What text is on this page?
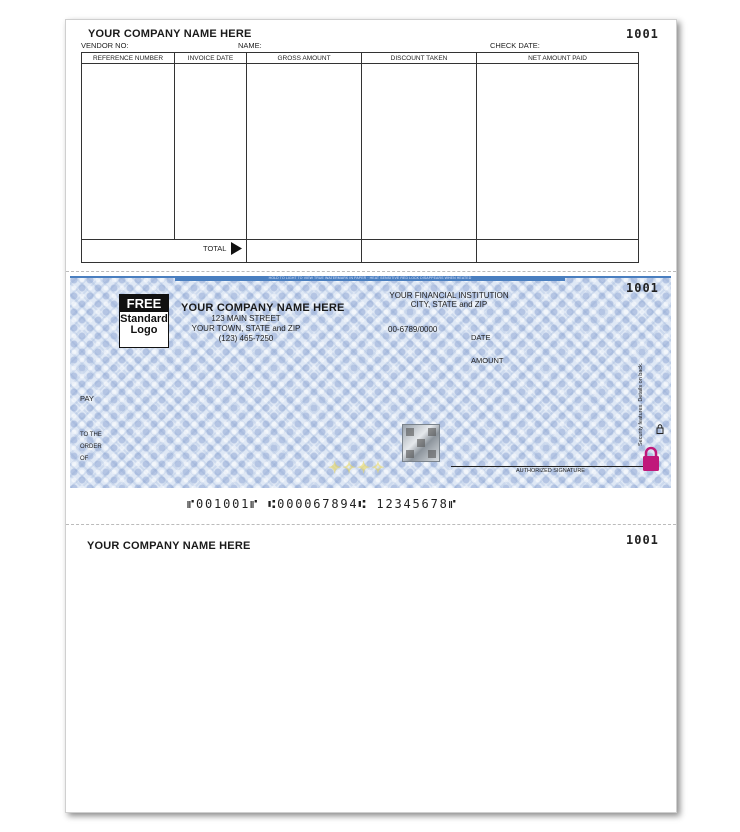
YOUR COMPANY NAME HERE	1001
VENDOR NO:	NAME:	CHECK DATE:
REFERENCE NUMBER	INVOICE DATE	GROSS AMOUNT	DISCOUNT TAKEN	NET AMOUNT PAID
TOTAL
HOLD TO LIGHT TO VIEW TRUE WATERMARK IN PAPER · HEAT SENSITIVE RED LOCK DISAPPEARS WHEN HEATED
1001
FREE
Standard
Logo
YOUR COMPANY NAME HERE
123 MAIN STREET
YOUR TOWN, STATE and ZIP
(123) 465-7250
YOUR FINANCIAL INSTITUTION
CITY, STATE and ZIP
00-6789/0000
DATE
AMOUNT
PAY
TO THE
ORDER
OF	✦✧✦✧	AUTHORIZED SIGNATURE
Security features. Details on back.
⑈001001⑈ ⑆000067894⑆ 12345678⑈
YOUR COMPANY NAME HERE	1001
